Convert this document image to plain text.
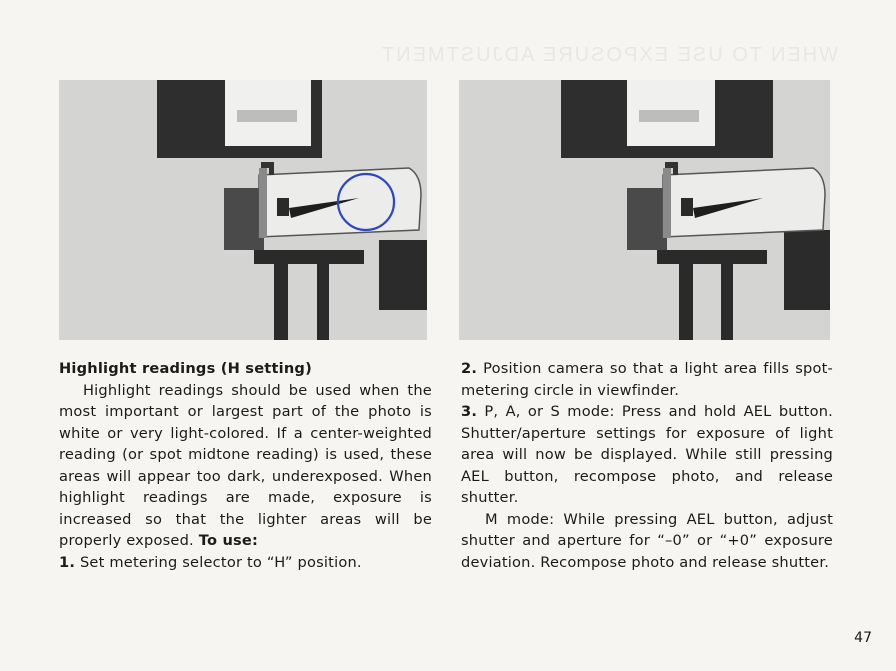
WHEN TO USE EXPOSURE ADJUSTMENT

Highlight readings (H setting)

Highlight readings should be used when the most important or largest part of the photo is white or very light-colored. If a center-weighted reading (or spot midtone reading) is used, these areas will appear too dark, underexposed. When highlight readings are made, exposure is increased so that the lighter areas will be properly exposed. To use:

1. Set metering selector to “H” position.

2. Position camera so that a light area fills spot-metering circle in viewfinder.

3. P, A, or S mode: Press and hold AEL button. Shutter/aperture settings for exposure of light area will now be displayed. While still pressing AEL button, recompose photo, and release shutter.

M mode: While pressing AEL button, adjust shutter and aperture for “–0” or “+0” exposure deviation. Recompose photo and release shutter.

47
